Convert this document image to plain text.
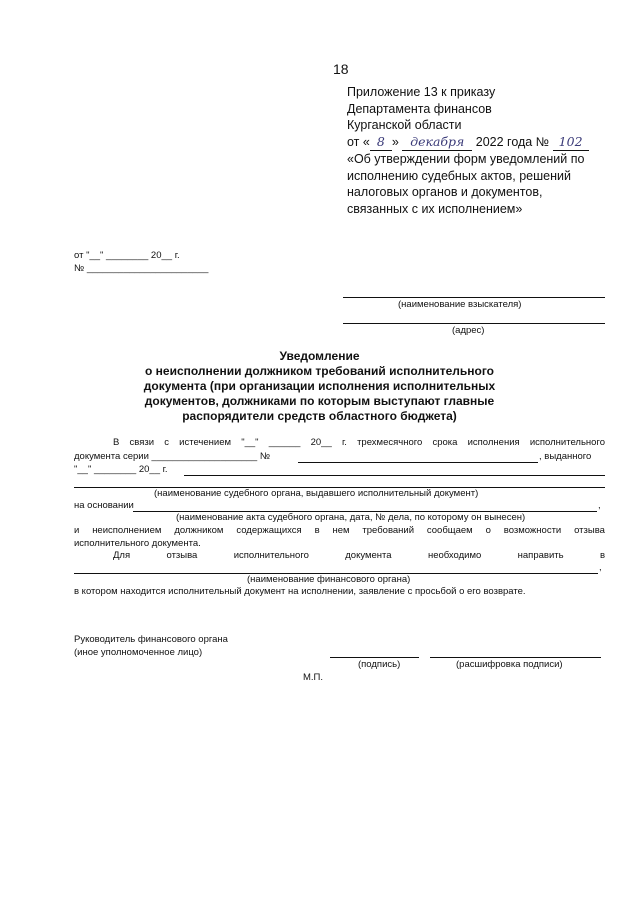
18
Приложение 13 к приказу
Департамента финансов
Курганской области
от « 8 » декабря 2022 года № 102
«Об утверждении форм уведомлений по
исполнению судебных актов, решений
налоговых органов и документов,
связанных с их исполнением»
от "__" ________ 20__ г.
№ _______________________
(наименование взыскателя)
(адрес)
Уведомление
о неисполнении должником требований исполнительного
документа (при организации исполнения исполнительных
документов, должниками по которым выступают главные
распорядители средств областного бюджета)
В связи с истечением "__" ______ 20__ г. трехмесячного срока исполнения исполнительного
документа серии ____________________ №	, выданного
"__" ________ 20__ г.
(наименование судебного органа, выдавшего исполнительный документ)
на основании	,
(наименование акта судебного органа, дата, № дела, по которому он вынесен)
и неисполнением должником содержащихся в нем требований сообщаем о возможности отзыва
исполнительного документа.
Для	отзыва	исполнительного	документа	необходимо	направить	в
,
(наименование финансового органа)
в котором находится исполнительный документ на исполнении, заявление с просьбой о его возврате.
Руководитель финансового органа
(иное уполномоченное лицо)
(подпись)	(расшифровка подписи)
М.П.
